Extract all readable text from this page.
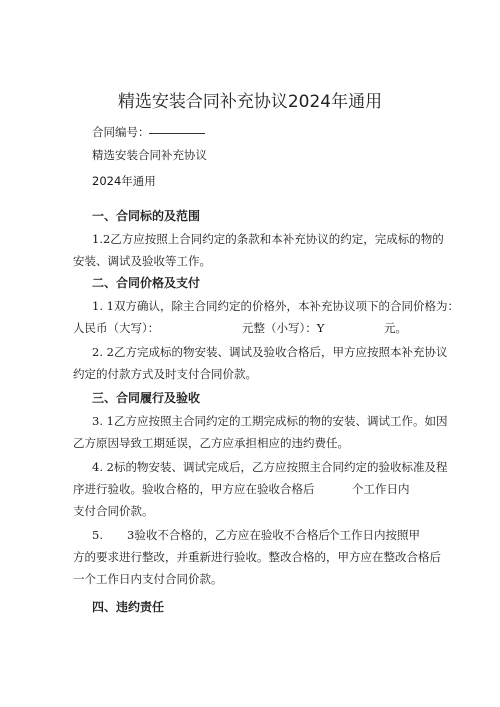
精选安装合同补充协议2024年通用
合同编号：
精选安装合同补充协议
2024年通用
一、合同标的及范围
1.2乙方应按照上合同约定的条款和本补充协议的约定，完成标的物的
安装、调试及验收等工作。
二、合同价格及支付
1. 1双方确认，除主合同约定的价格外，本补充协议项下的合同价格为：
人民币（大写）：	元整（小写）：Y	元。
2. 2乙方完成标的物安装、调试及验收合格后，甲方应按照本补充协议
约定的付款方式及时支付合同价款。
三、合同履行及验收
3. 1乙方应按照主合同约定的工期完成标的物的安装、调试工作。如因
乙方原因导致工期延误，乙方应承担相应的违约费任。
4. 2标的物安装、调试完成后，乙方应按照主合同约定的验收标准及程
序进行验收。验收合格的，甲方应在验收合格后	个工作日内
支付合同价款。
5. 3验收不合格的，乙方应在验收不合格后
个工作日内按照甲
方的要求进行整改，并重新进行验收。整改合格的，甲方应在整改合格后
一个工作日内支付合同价款。
四、违约责任
